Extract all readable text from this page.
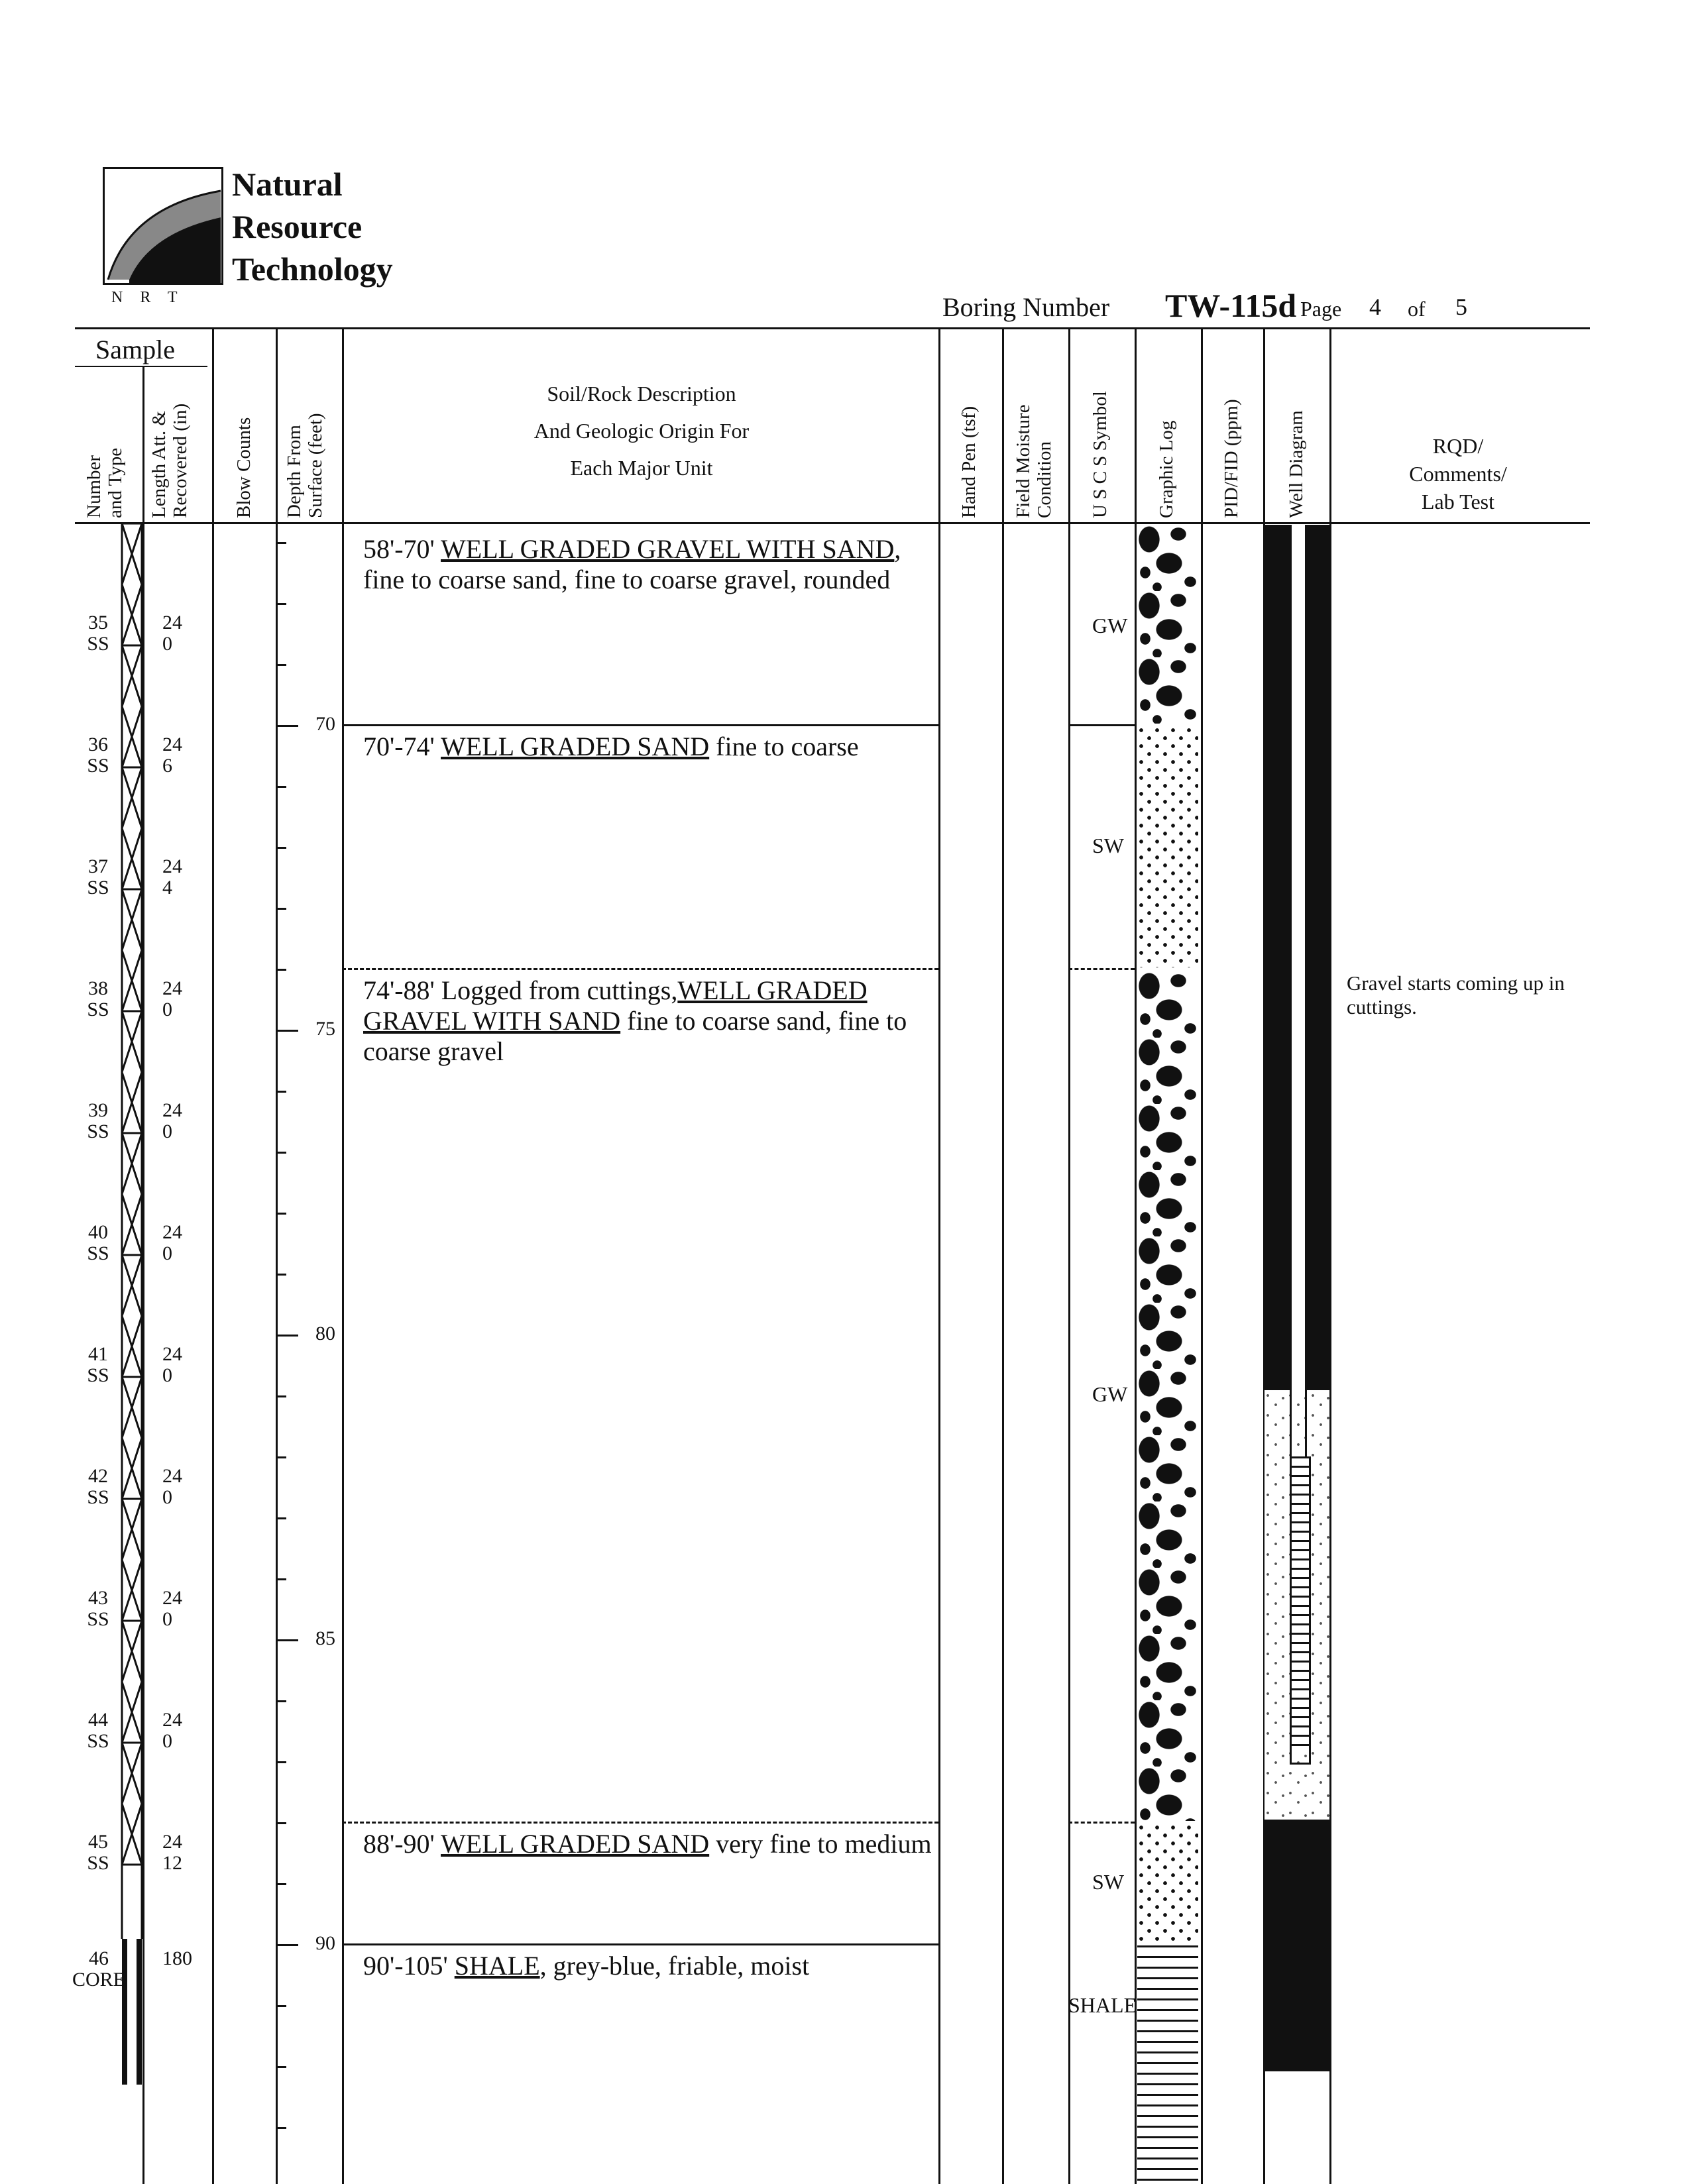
N   R   T
Natural
Resource
Technology
Boring Number TW-115d Page 4 of 5
Sample
Number and Type Length Att. & Recovered (in) Blow Counts Depth From Surface (feet)
Soil/Rock Description
And Geologic Origin For
Each Major Unit	Hand Pen (tsf) Field Moisture Condition U S C S Symbol Graphic Log PID/FID (ppm) Well Diagram	RQD/
Comments/
Lab Test
35
SS
24
0
36
SS
24
6
37
SS
24
4
38
SS
24
0
39
SS
24
0
40
SS
24
0
41
SS
24
0
42
SS
24
0
43
SS
24
0
44
SS
24
0
45
SS
24
12
46
CORE
180
70
75
80
85
90
58'-70' WELL GRADED GRAVEL WITH SAND, fine to coarse sand, fine to coarse gravel, rounded
70'-74' WELL GRADED SAND fine to coarse
74'-88' Logged from cuttings,WELL GRADED GRAVEL WITH SAND fine to coarse sand, fine to coarse gravel
88'-90' WELL GRADED SAND very fine to medium
90'-105' SHALE, grey-blue, friable, moist
GW
SW
GW
SW
SHALE
Gravel starts coming up in cuttings.
